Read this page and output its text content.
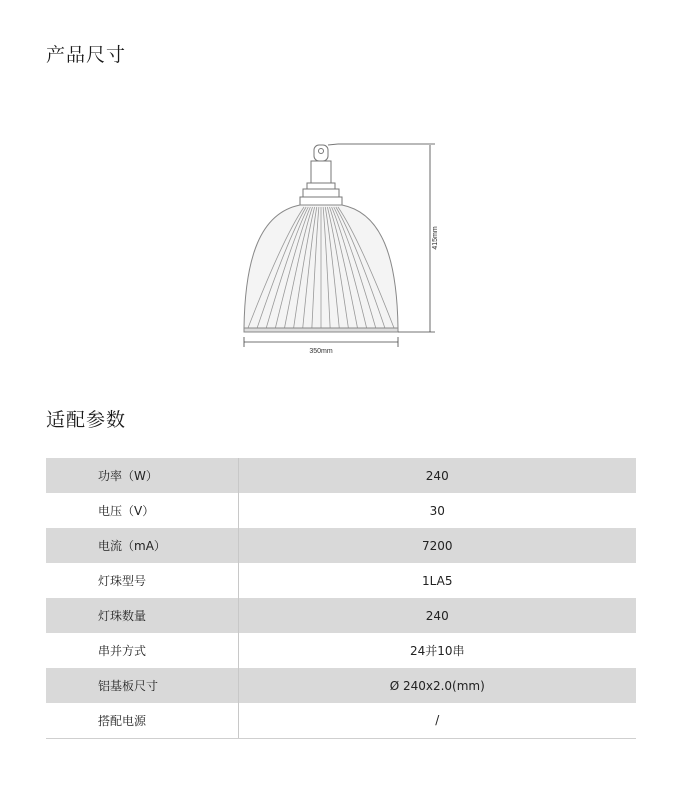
产品尺寸
350mm
415mm
适配参数
功率（W）	240
电压（V）	30
电流（mA）	7200
灯珠型号	1LA5
灯珠数量	240
串并方式	24并10串
铝基板尺寸	Ø 240x2.0(mm)
搭配电源	/
